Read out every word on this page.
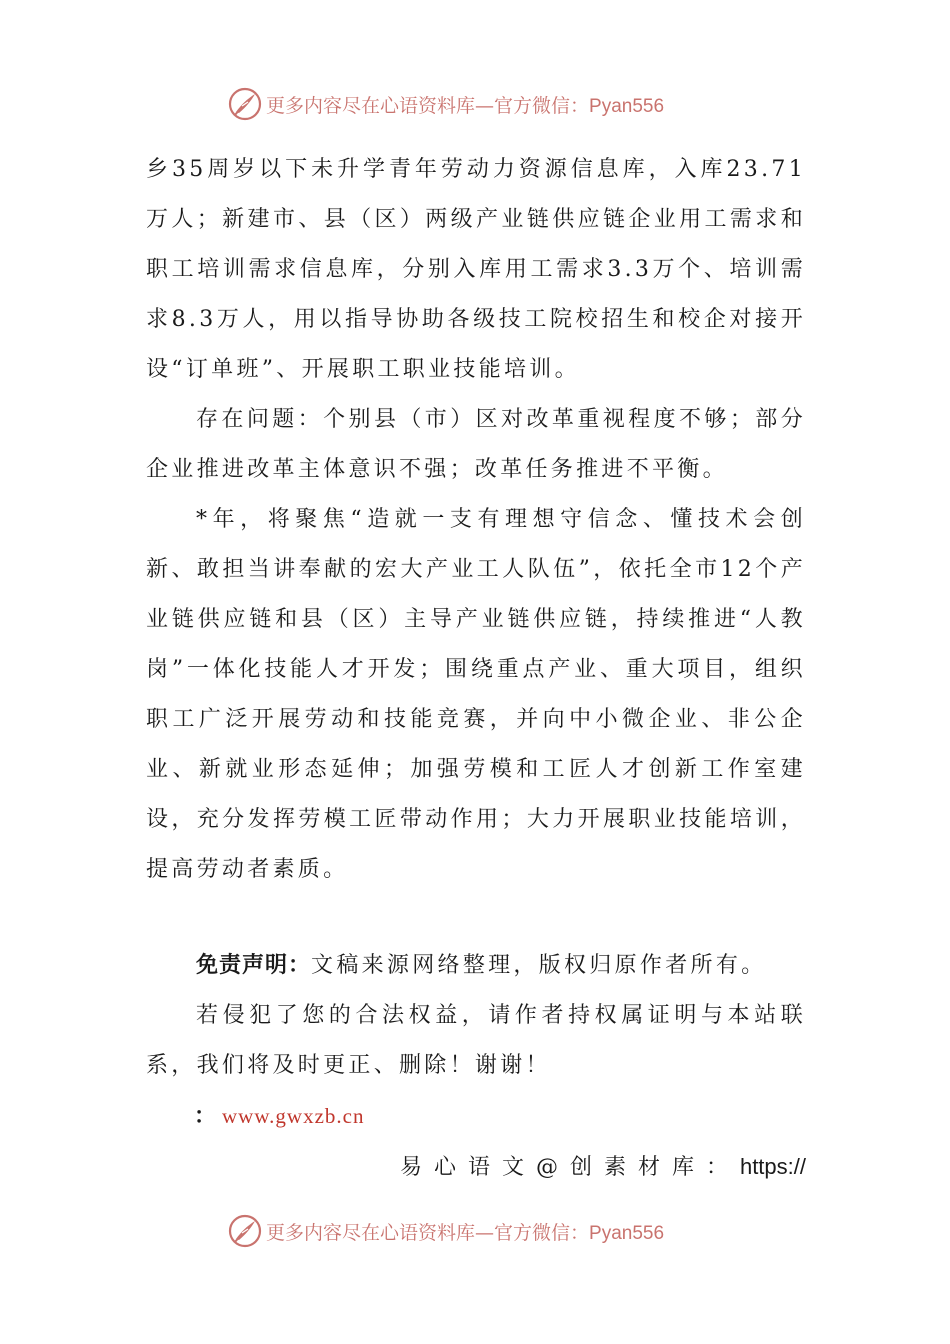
更多内容尽在心语资料库—官方微信：Pyan556

乡35周岁以下未升学青年劳动力资源信息库，入库23.71万人；新建市、县（区）两级产业链供应链企业用工需求和职工培训需求信息库，分别入库用工需求3.3万个、培训需求8.3万人，用以指导协助各级技工院校招生和校企对接开设“订单班”、开展职工职业技能培训。

存在问题：个别县（市）区对改革重视程度不够；部分企业推进改革主体意识不强；改革任务推进不平衡。

*年，将聚焦“造就一支有理想守信念、懂技术会创新、敢担当讲奉献的宏大产业工人队伍”，依托全市12个产业链供应链和县（区）主导产业链供应链，持续推进“人教岗”一体化技能人才开发；围绕重点产业、重大项目，组织职工广泛开展劳动和技能竞赛，并向中小微企业、非公企业、新就业形态延伸；加强劳模和工匠人才创新工作室建设，充分发挥劳模工匠带动作用；大力开展职业技能培训，提高劳动者素质。

免责声明：文稿来源网络整理，版权归原作者所有。

若侵犯了您的合法权益，请作者持权属证明与本站联系，我们将及时更正、删除！谢谢！

： www.gwxzb.cn
易心语文@创素材库：https://
更多内容尽在心语资料库—官方微信：Pyan556
